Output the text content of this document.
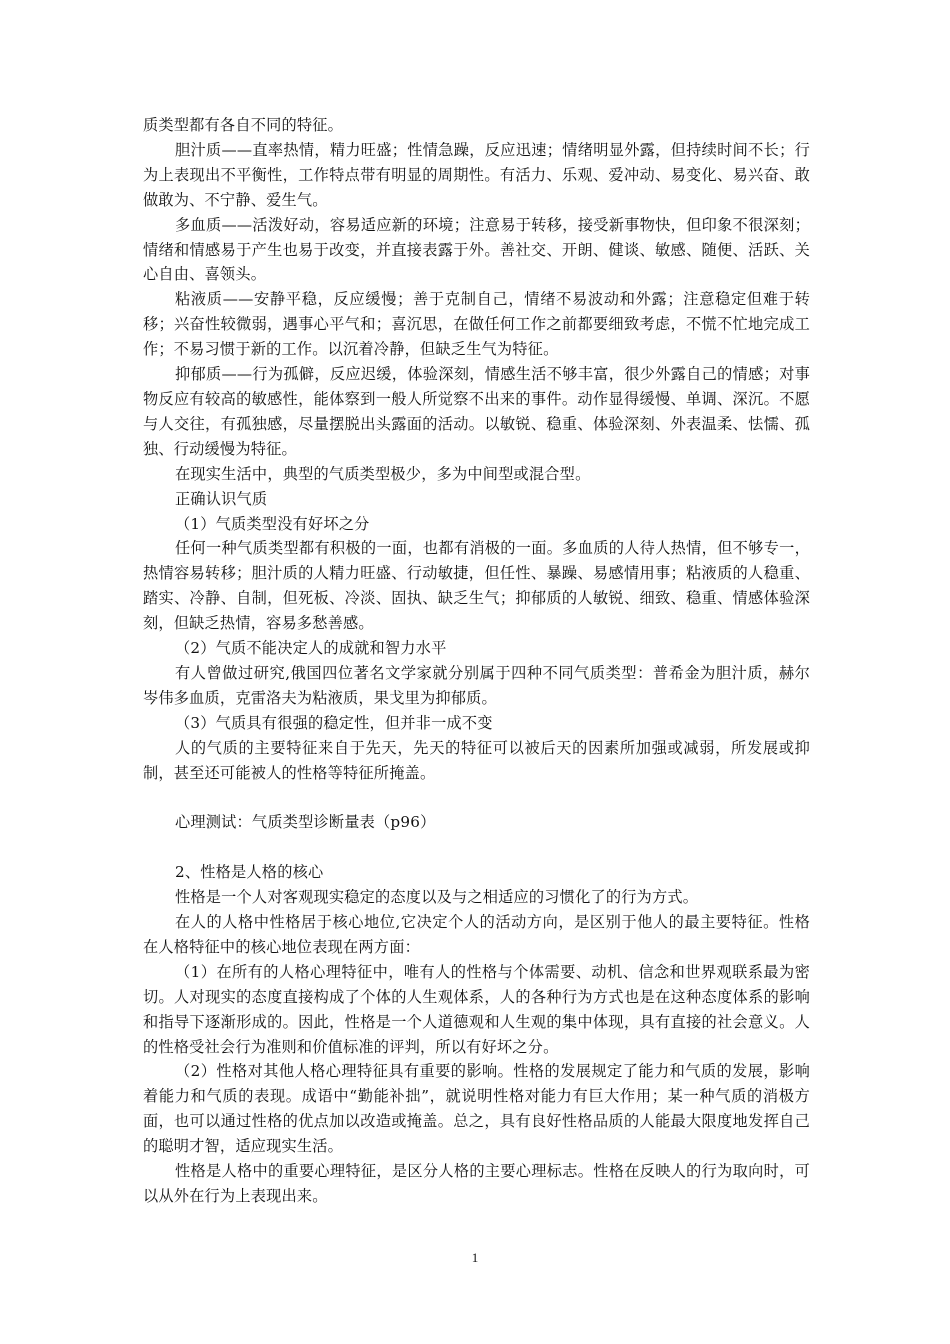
质类型都有各自不同的特征。

胆汁质——直率热情，精力旺盛；性情急躁，反应迅速；情绪明显外露，但持续时间不长；行为上表现出不平衡性，工作特点带有明显的周期性。有活力、乐观、爱冲动、易变化、易兴奋、敢做敢为、不宁静、爱生气。

多血质——活泼好动，容易适应新的环境；注意易于转移，接受新事物快，但印象不很深刻；情绪和情感易于产生也易于改变，并直接表露于外。善社交、开朗、健谈、敏感、随便、活跃、关心自由、喜领头。

粘液质——安静平稳，反应缓慢；善于克制自己，情绪不易波动和外露；注意稳定但难于转移；兴奋性较微弱，遇事心平气和；喜沉思，在做任何工作之前都要细致考虑，不慌不忙地完成工作；不易习惯于新的工作。以沉着冷静，但缺乏生气为特征。

抑郁质——行为孤僻，反应迟缓，体验深刻，情感生活不够丰富，很少外露自己的情感；对事物反应有较高的敏感性，能体察到一般人所觉察不出来的事件。动作显得缓慢、单调、深沉。不愿与人交往，有孤独感，尽量摆脱出头露面的活动。以敏锐、稳重、体验深刻、外表温柔、怯懦、孤独、行动缓慢为特征。

在现实生活中，典型的气质类型极少，多为中间型或混合型。

正确认识气质

（1）气质类型没有好坏之分

任何一种气质类型都有积极的一面，也都有消极的一面。多血质的人待人热情，但不够专一，热情容易转移；胆汁质的人精力旺盛、行动敏捷，但任性、暴躁、易感情用事；粘液质的人稳重、踏实、冷静、自制，但死板、冷淡、固执、缺乏生气；抑郁质的人敏锐、细致、稳重、情感体验深刻，但缺乏热情，容易多愁善感。

（2）气质不能决定人的成就和智力水平

有人曾做过研究,俄国四位著名文学家就分别属于四种不同气质类型：普希金为胆汁质，赫尔岑伟多血质，克雷洛夫为粘液质，果戈里为抑郁质。

（3）气质具有很强的稳定性，但并非一成不变

人的气质的主要特征来自于先天，先天的特征可以被后天的因素所加强或减弱，所发展或抑制，甚至还可能被人的性格等特征所掩盖。

心理测试：气质类型诊断量表（p96）

2、性格是人格的核心

性格是一个人对客观现实稳定的态度以及与之相适应的习惯化了的行为方式。

在人的人格中性格居于核心地位,它决定个人的活动方向，是区别于他人的最主要特征。性格在人格特征中的核心地位表现在两方面：

（1）在所有的人格心理特征中，唯有人的性格与个体需要、动机、信念和世界观联系最为密切。人对现实的态度直接构成了个体的人生观体系，人的各种行为方式也是在这种态度体系的影响和指导下逐渐形成的。因此，性格是一个人道德观和人生观的集中体现，具有直接的社会意义。人的性格受社会行为准则和价值标准的评判，所以有好坏之分。

（2）性格对其他人格心理特征具有重要的影响。性格的发展规定了能力和气质的发展，影响着能力和气质的表现。成语中“勤能补拙”，就说明性格对能力有巨大作用；某一种气质的消极方面，也可以通过性格的优点加以改造或掩盖。总之，具有良好性格品质的人能最大限度地发挥自己的聪明才智，适应现实生活。

性格是人格中的重要心理特征，是区分人格的主要心理标志。性格在反映人的行为取向时，可以从外在行为上表现出来。

1
